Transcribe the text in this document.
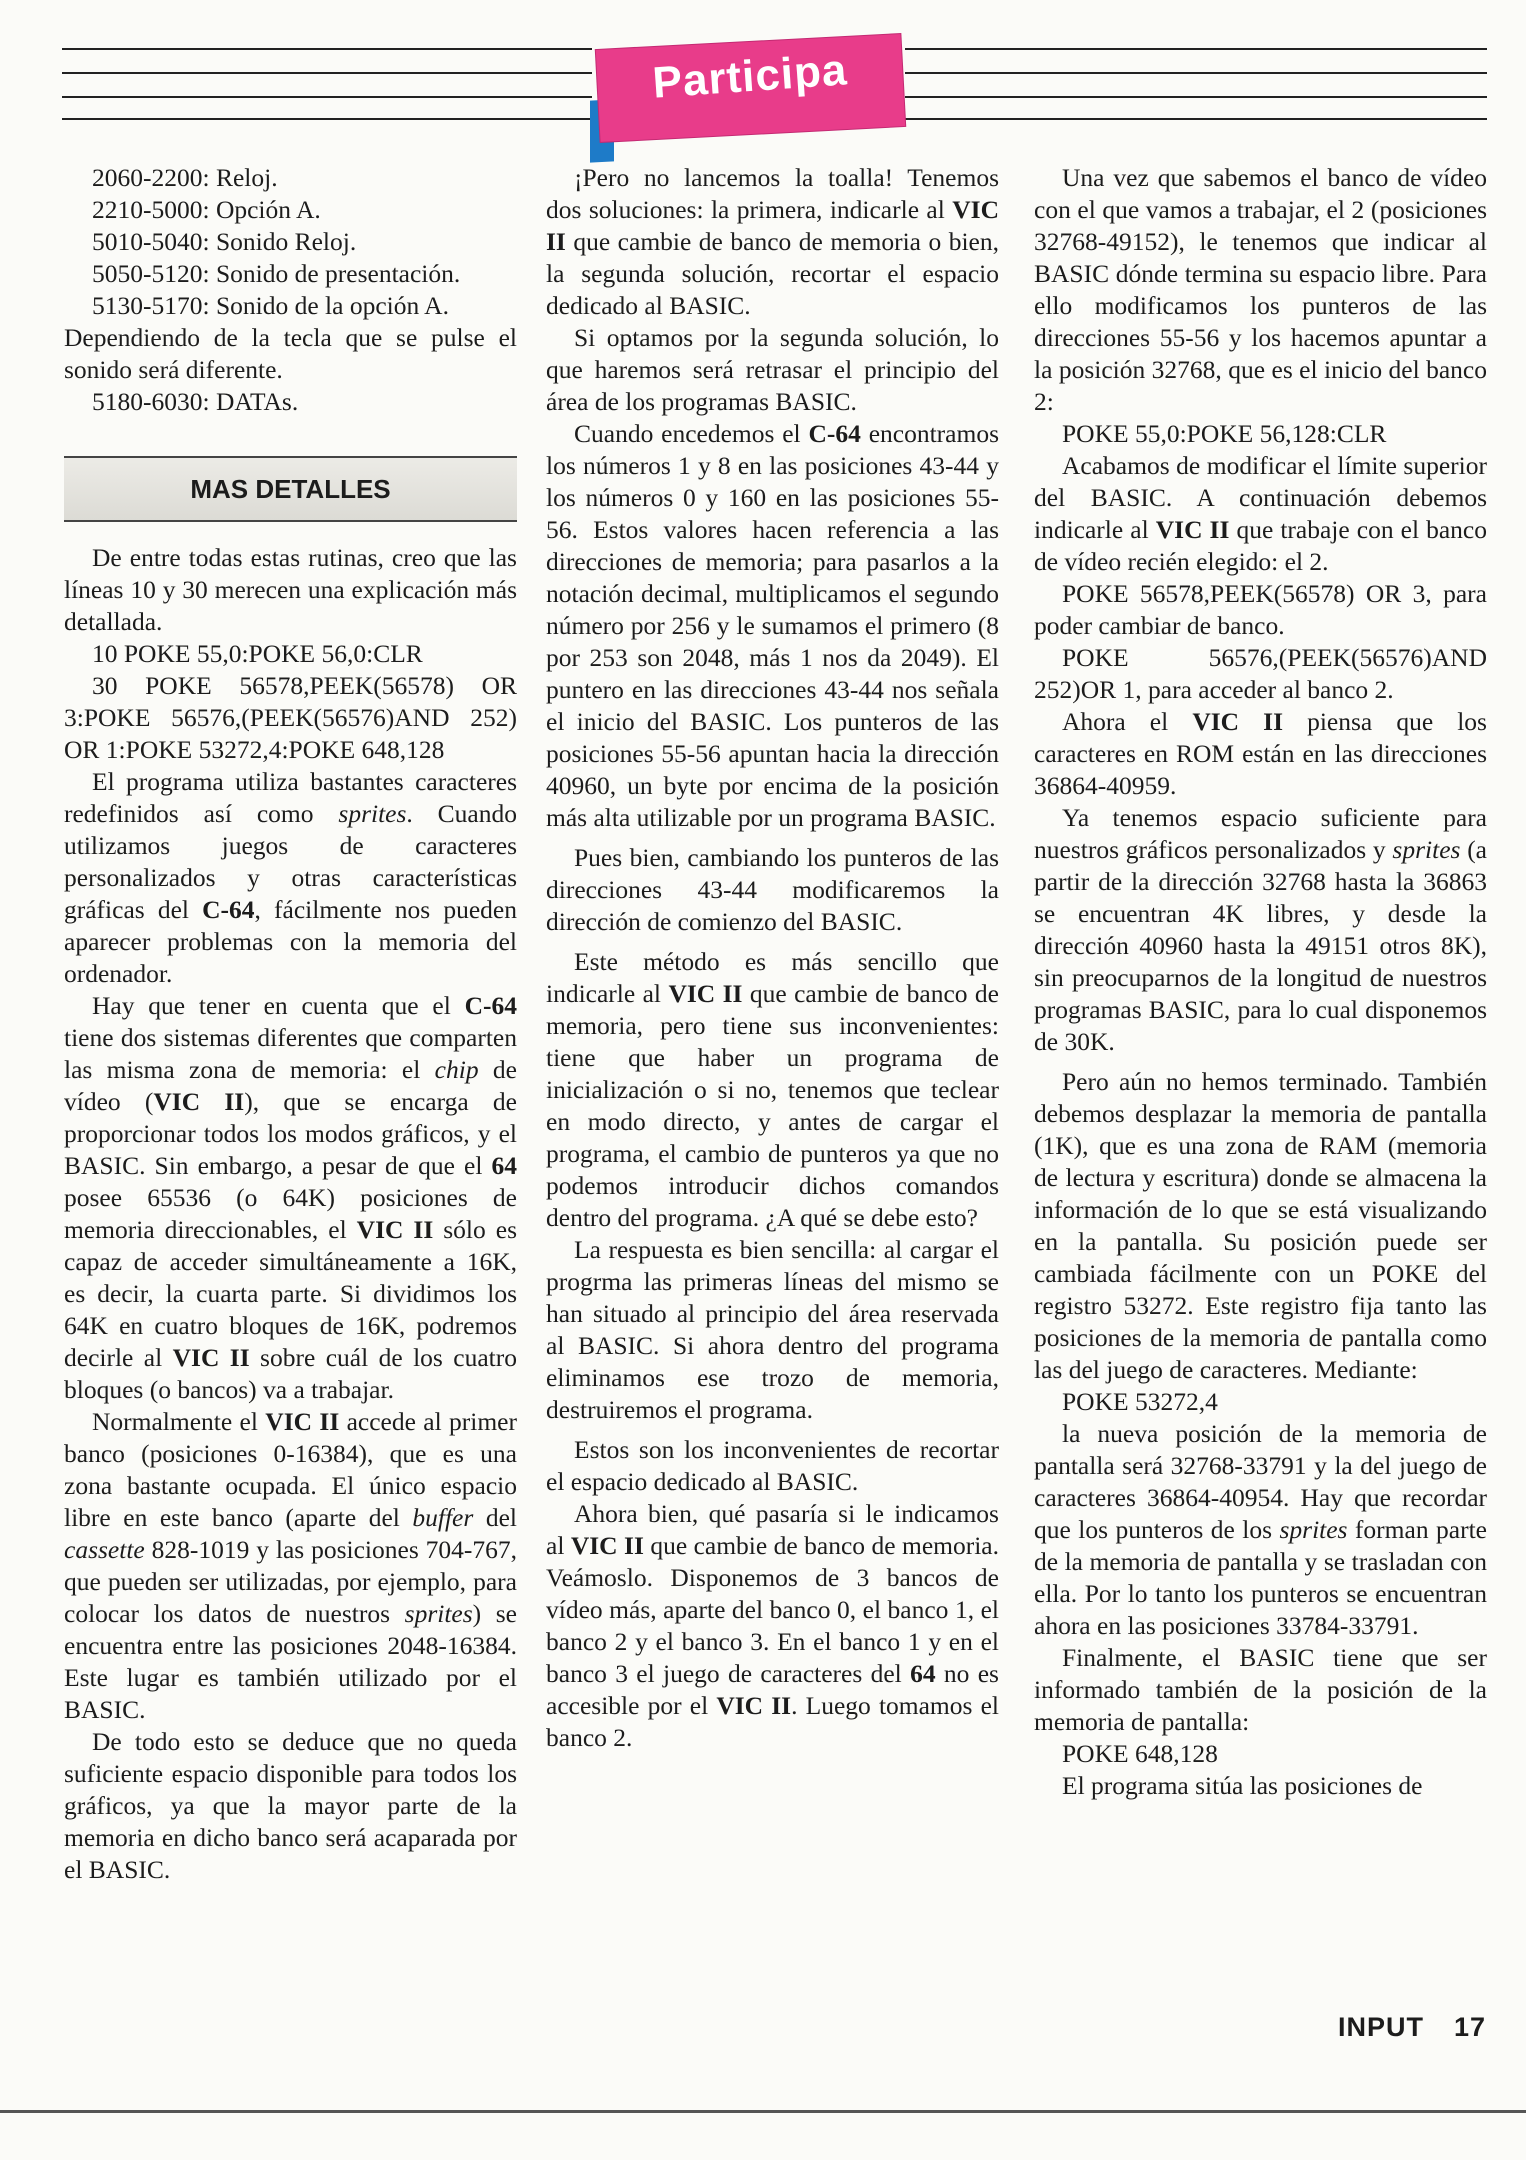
Participa
2060-2200: Reloj.
2210-5000: Opción A.
5010-5040: Sonido Reloj.
5050-5120: Sonido de presentación.
5130-5170: Sonido de la opción A.

Dependiendo de la tecla que se pulse el sonido será diferente.

5180-6030: DATAs.
MAS DETALLES

De entre todas estas rutinas, creo que las líneas 10 y 30 merecen una explicación más detallada.

10 POKE 55,0:POKE 56,0:CLR

30 POKE 56578,PEEK(56578) OR 3:POKE 56576,(PEEK(56576)AND 252) OR 1:POKE 53272,4:POKE 648,128

El programa utiliza bastantes caracteres redefinidos así como sprites. Cuando utilizamos juegos de caracteres personalizados y otras características gráficas del C-64, fácilmente nos pueden aparecer problemas con la memoria del ordenador.

Hay que tener en cuenta que el C-64 tiene dos sistemas diferentes que comparten las misma zona de memoria: el chip de vídeo (VIC II), que se encarga de proporcionar todos los modos gráficos, y el BASIC. Sin embargo, a pesar de que el 64 posee 65536 (o 64K) posiciones de memoria direccionables, el VIC II sólo es capaz de acceder simultáneamente a 16K, es decir, la cuarta parte. Si dividimos los 64K en cuatro bloques de 16K, podremos decirle al VIC II sobre cuál de los cuatro bloques (o bancos) va a trabajar.

Normalmente el VIC II accede al primer banco (posiciones 0-16384), que es una zona bastante ocupada. El único espacio libre en este banco (aparte del buffer del cassette 828-1019 y las posiciones 704-767, que pueden ser utilizadas, por ejemplo, para colocar los datos de nuestros sprites) se encuentra entre las posiciones 2048-16384. Este lugar es también utilizado por el BASIC.

De todo esto se deduce que no queda suficiente espacio disponible para todos los gráficos, ya que la mayor parte de la memoria en dicho banco será acaparada por el BASIC.

¡Pero no lancemos la toalla! Tenemos dos soluciones: la primera, indicarle al VIC II que cambie de banco de memoria o bien, la segunda solución, recortar el espacio dedicado al BASIC.

Si optamos por la segunda solución, lo que haremos será retrasar el principio del área de los programas BASIC.

Cuando encedemos el C-64 encontramos los números 1 y 8 en las posiciones 43-44 y los números 0 y 160 en las posiciones 55-56. Estos valores hacen referencia a las direcciones de memoria; para pasarlos a la notación decimal, multiplicamos el segundo número por 256 y le sumamos el primero (8 por 253 son 2048, más 1 nos da 2049). El puntero en las direcciones 43-44 nos señala el inicio del BASIC. Los punteros de las posiciones 55-56 apuntan hacia la dirección 40960, un byte por encima de la posición más alta utilizable por un programa BASIC.

Pues bien, cambiando los punteros de las direcciones 43-44 modificaremos la dirección de comienzo del BASIC.

Este método es más sencillo que indicarle al VIC II que cambie de banco de memoria, pero tiene sus inconvenientes: tiene que haber un programa de inicialización o si no, tenemos que teclear en modo directo, y antes de cargar el programa, el cambio de punteros ya que no podemos introducir dichos comandos dentro del programa. ¿A qué se debe esto?

La respuesta es bien sencilla: al cargar el progrma las primeras líneas del mismo se han situado al principio del área reservada al BASIC. Si ahora dentro del programa eliminamos ese trozo de memoria, destruiremos el programa.

Estos son los inconvenientes de recortar el espacio dedicado al BASIC.

Ahora bien, qué pasaría si le indicamos al VIC II que cambie de banco de memoria. Veámoslo. Disponemos de 3 bancos de vídeo más, aparte del banco 0, el banco 1, el banco 2 y el banco 3. En el banco 1 y en el banco 3 el juego de caracteres del 64 no es accesible por el VIC II. Luego tomamos el banco 2.

Una vez que sabemos el banco de vídeo con el que vamos a trabajar, el 2 (posiciones 32768-49152), le tenemos que indicar al BASIC dónde termina su espacio libre. Para ello modificamos los punteros de las direcciones 55-56 y los hacemos apuntar a la posición 32768, que es el inicio del banco 2:

POKE 55,0:POKE 56,128:CLR

Acabamos de modificar el límite superior del BASIC. A continuación debemos indicarle al VIC II que trabaje con el banco de vídeo recién elegido: el 2.

POKE 56578,PEEK(56578) OR 3, para poder cambiar de banco.

POKE 56576,(PEEK(56576)AND 252)OR 1, para acceder al banco 2.

Ahora el VIC II piensa que los caracteres en ROM están en las direcciones 36864-40959.

Ya tenemos espacio suficiente para nuestros gráficos personalizados y sprites (a partir de la dirección 32768 hasta la 36863 se encuentran 4K libres, y desde la dirección 40960 hasta la 49151 otros 8K), sin preocuparnos de la longitud de nuestros programas BASIC, para lo cual disponemos de 30K.

Pero aún no hemos terminado. También debemos desplazar la memoria de pantalla (1K), que es una zona de RAM (memoria de lectura y escritura) donde se almacena la información de lo que se está visualizando en la pantalla. Su posición puede ser cambiada fácilmente con un POKE del registro 53272. Este registro fija tanto las posiciones de la memoria de pantalla como las del juego de caracteres. Mediante:

POKE 53272,4

la nueva posición de la memoria de pantalla será 32768-33791 y la del juego de caracteres 36864-40954. Hay que recordar que los punteros de los sprites forman parte de la memoria de pantalla y se trasladan con ella. Por lo tanto los punteros se encuentran ahora en las posiciones 33784-33791.

Finalmente, el BASIC tiene que ser informado también de la posición de la memoria de pantalla:

POKE 648,128

El programa sitúa las posiciones de

INPUT 17
